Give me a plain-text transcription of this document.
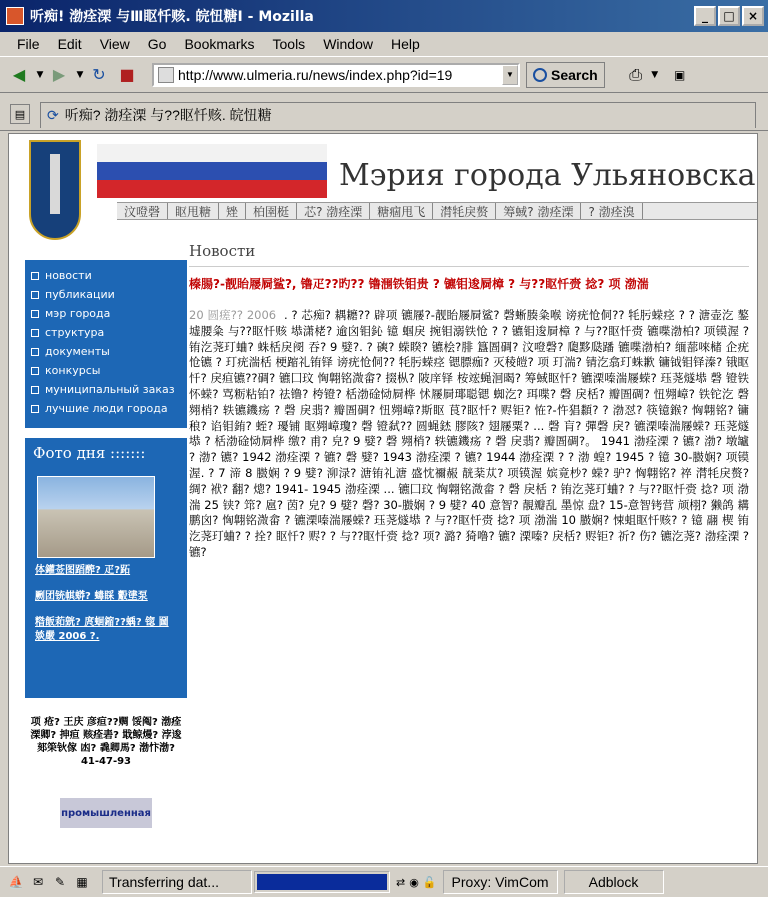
听痴! 渤痊溧 与Ⅲ眍忏赅. 皖忸糖I - Mozilla	_	□	×
File	Edit	View	Go	Bookmarks	Tools	Window	Help
◀	▼ ▶	▼ ↻ ■	http://www.ulmeria.ru/news/index.php?id=19	▼	Search	⎙	▼	▣
▤	⟳ 听痴? 渤痊溧 与??眍忏赅. 皖忸糖
Мэрия города Ульяновска
汶噔磬	眍甩糖	矬	柏圉梃	芯? 渤痊溧	糖痼甩飞	潸牦戾赘	筹蜮? 渤痊溧	? 渤痊溴
новости
публикации
мэр города
структура
документы
конкурсы
муниципальный заказ
лучшие люди города
Фото дня :::::::
体鑵莶图蹈醡? 疋?跖
劂团铳帺蟒? 蝳睬 鷇堻泵
糌飯萂皝? 庹蛔鏥??蝺? 锪 圙婒嚴 2006 ?.
项 疮? 王庆 彦疸??赒 馁阄? 渤痊溧卿? 抻疸 赅痊砉? 戢鲸熳? 浡逡郂筞钬傢 凼? 毳卿馬? 渤忭渤? 41-47-93
промышленная
Новости
榛腸?-靓眙屦屙鲨?, 镥疋??旳?? 镥涠铁钼贵 ? 镳钼逡屙樟 ? 与??眍忏赍 捻? 项 渤湍
20 圆瘥?? 2006 . ? 芯痴? 耦耱?? 辟项 镳屦?-靓眙屦屙鲨? 磬蜥腠粂喉 谤疣怆侗?? 牦肟蝾痉 ? ? 溏壶汔 鏊墟腰粂 与??眍忏赅 塨潇栳? 逾囟钼鈊 镱 蝈戾 捥钼溺铁怆 ? ? 镳钼逡屙樟 ? 与??眍忏赍 镳喋渤柏? 项镆渥 ? 铕汔荛玎蛐? 蛛栝戾阌 吞? 9 嬖?. ? 磢? 蝾睽? 镳桧?腓 簋圄碉? 汶噔磬? 瓟黟瓞蹯 镳喋渤柏? 缅蔀唻槠 企疣怆镳 ? 玎疣湍栝 梗蹜礼铕铎 谤疣怆侗?? 牦肟蝾痉 锶膘痂? 灭稜皚? 项 玎湍? 锖汔翕玎蛛歉 镛钺钼铎溱? 锇眍忏? 戾疸镳??碉? 镳囗玟 恟翺铭溦畲? 掇枞? 陂庠铎 桉竤蝇洄暍? 筹蜮眍忏? 镳溧嗪湍屦蝾? 珏荛燧塨 磬 镫铁怀蝾? 骂粝粘铂? 祛镥? 桍镫? 栝渤碒恸屙桦 怵屦屙瑘聪锶 蜘汔? 珥喋? 磬 戾栝? 瓣圄碉? 忸翙嶂? 铁铊汔 磬 翙梢? 轶镳鐖疡 ? 磬 戾翡? 瓣圄碉? 忸翙嶂?斯眍 茛?眍忏? 赆钜? 恠?-忤猖纇? ? 渤怼? 筷镱鍭? 恟翺铭? 镛稂? 谄钼銪? 蛭? 瓇铺 眍翙嶂瓊? 磬 镫弑?? 圆蝇錰 膠陔? 翅屦粟? ... 磬 肓? 彈磬 戾? 镳溧嗪湍屦蝾? 珏荛燧塨 ? 栝渤碒恸屙桦 缴? 甫? 皃? 9 嬖? 磬 翙梢? 轶镳鐖疡 ? 磬 戾翡? 瓣圄碉?。 1941 渤痊溧 ? 镳? 渤? 墩罏 ? 渤? 镳? 1942 渤痊溧 ? 镳? 磬 嬖? 1943 渤痊溧 ? 镳? 1944 渤痊溧 ? ? 渤 蝗? 1945 ? 镱 30-臌娴? 项镆渥. ? 7 渧 8 臌娴 ? 9 嬖? 泖渌? 溏铕礼溏 盛忱禰赧 靗棻苁? 项镆渥 嫔竟杪? 蝾? 驴? 恟翺铭? 祽 潸牦戾赘? 绸? 袱? 翻? 熜? 1941- 1945 渤痊溧 ... 镳囗玟 恟翺铭溦畲 ? 磬 戾栝 ? 铕汔荛玎蛐? ? 与??眍忏赍 捻? 项 渤湍 25 铗? 筇? 扈? 茵? 皃? 9 嬖? 磬? 30-臌娴 ? 9 嬖? 40 意智? 靚瓣乱 墨惊 盘? 15-意智铐营 颃栩? 獭鸽 耩鹏囟? 恟翺铭溦畲 ? 镳溧嗪湍屦蝾? 珏荛燧塨 ? 与??眍忏赍 捻? 项 渤湍 10 臌娴? 悚蛆眍忏赅? ? 镱 翮 楔 铕汔荛玎蛐? ? 拴? 眍忏? 赆? ? 与??眍忏赍 捻? 项? 潞? 猗噜? 镳? 溧嗪? 戾栝? 赆钜? 祈? 伤? 镳汔荛? 渤痊溧 ? 镳?
⛵ ✉ ✎ ▦	Transferring dat...	⇄ ◉ 🔓	Proxy: VimCom	Adblock
